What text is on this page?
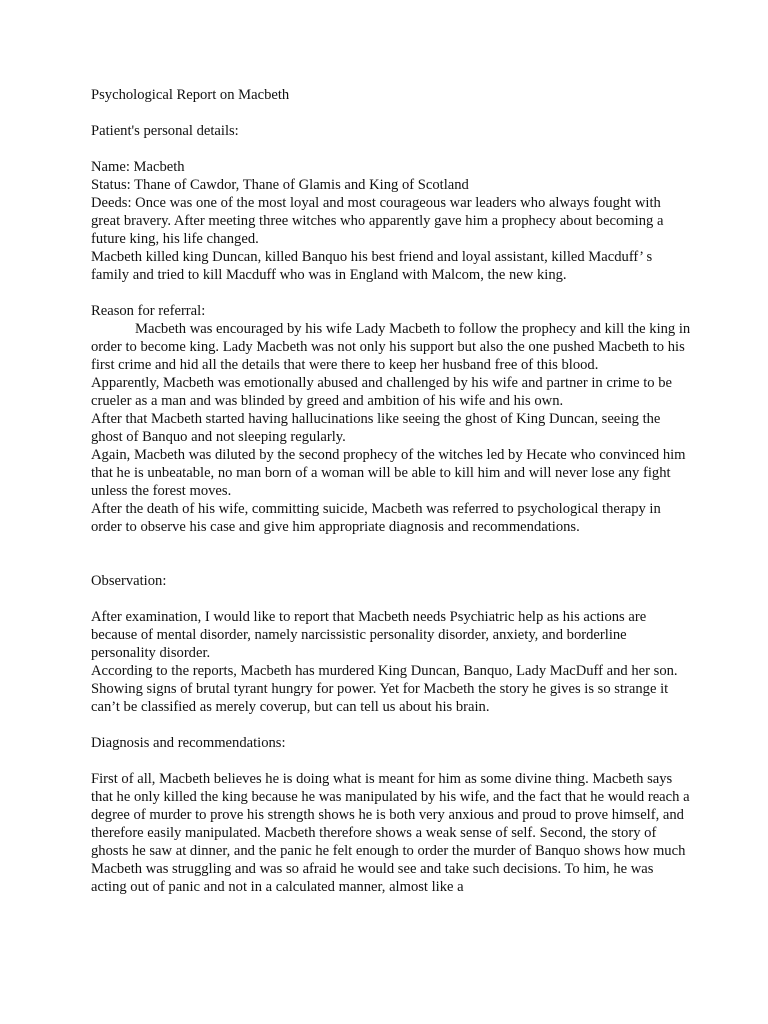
Psychological Report on Macbeth

Patient's personal details:

Name: Macbeth

Status: Thane of Cawdor, Thane of Glamis and King of Scotland

Deeds: Once was one of the most loyal and most courageous war leaders who always fought with great bravery. After meeting three witches who apparently gave him a prophecy about becoming a future king, his life changed.

Macbeth killed king Duncan, killed Banquo his best friend and loyal assistant, killed Macduff’ s family and tried to kill Macduff who was in England with Malcom, the new king.

Reason for referral:

Macbeth was encouraged by his wife Lady Macbeth to follow the prophecy and kill the king in order to become king. Lady Macbeth was not only his support but also the one pushed Macbeth to his first crime and hid all the details that were there to keep her husband free of this blood.

Apparently, Macbeth was emotionally abused and challenged by his wife and partner in crime to be crueler as a man and was blinded by greed and ambition of his wife and his own.

After that Macbeth started having hallucinations like seeing the ghost of King Duncan, seeing the ghost of Banquo and not sleeping regularly.

Again, Macbeth was diluted by the second prophecy of the witches led by Hecate who convinced him that he is unbeatable, no man born of a woman will be able to kill him and will never lose any fight unless the forest moves.

After the death of his wife, committing suicide, Macbeth was referred to psychological therapy in order to observe his case and give him appropriate diagnosis and recommendations.

Observation:

After examination, I would like to report that Macbeth needs Psychiatric help as his actions are because of mental disorder, namely narcissistic personality disorder, anxiety, and borderline personality disorder.

According to the reports, Macbeth has murdered King Duncan, Banquo, Lady MacDuff and her son. Showing signs of brutal tyrant hungry for power. Yet for Macbeth the story he gives is so strange it can’t be classified as merely coverup, but can tell us about his brain.

Diagnosis and recommendations:

First of all, Macbeth believes he is doing what is meant for him as some divine thing. Macbeth says that he only killed the king because he was manipulated by his wife, and the fact that he would reach a degree of murder to prove his strength shows he is both very anxious and proud to prove himself, and therefore easily manipulated. Macbeth therefore shows a weak sense of self. Second, the story of ghosts he saw at dinner, and the panic he felt enough to order the murder of Banquo shows how much Macbeth was struggling and was so afraid he would see and take such decisions. To him, he was acting out of panic and not in a calculated manner, almost like a
